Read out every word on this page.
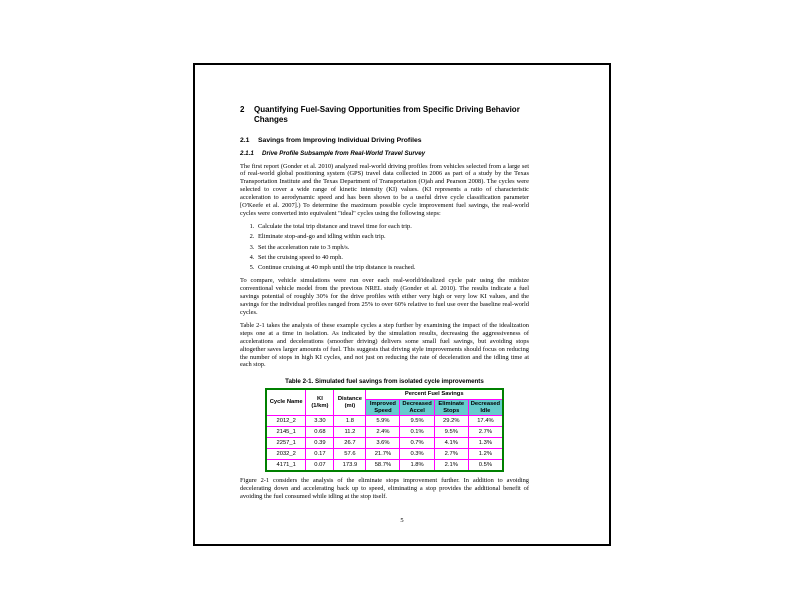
2	Quantifying Fuel-Saving Opportunities from Specific Driving Behavior Changes
2.1	Savings from Improving Individual Driving Profiles
2.1.1	Drive Profile Subsample from Real-World Travel Survey

The first report (Gonder et al. 2010) analyzed real-world driving profiles from vehicles selected from a large set of real-world global positioning system (GPS) travel data collected in 2006 as part of a study by the Texas Transportation Institute and the Texas Department of Transportation (Ojah and Pearson 2008). The cycles were selected to cover a wide range of kinetic intensity (KI) values. (KI represents a ratio of characteristic acceleration to aerodynamic speed and has been shown to be a useful drive cycle classification parameter [O'Keefe et al. 2007].) To determine the maximum possible cycle improvement fuel savings, the real-world cycles were converted into equivalent "ideal" cycles using the following steps:

1. Calculate the total trip distance and travel time for each trip.
2. Eliminate stop-and-go and idling within each trip.
3. Set the acceleration rate to 3 mph/s.
4. Set the cruising speed to 40 mph.
5. Continue cruising at 40 mph until the trip distance is reached.

To compare, vehicle simulations were run over each real-world/idealized cycle pair using the midsize conventional vehicle model from the previous NREL study (Gonder et al. 2010). The results indicate a fuel savings potential of roughly 30% for the drive profiles with either very high or very low KI values, and the savings for the individual profiles ranged from 25% to over 60% relative to fuel use over the baseline real-world cycles.

Table 2-1 takes the analysis of these example cycles a step further by examining the impact of the idealization steps one at a time in isolation. As indicated by the simulation results, decreasing the aggressiveness of accelerations and decelerations (smoother driving) delivers some small fuel savings, but avoiding stops altogether saves larger amounts of fuel. This suggests that driving style improvements should focus on reducing the number of stops in high KI cycles, and not just on reducing the rate of deceleration and the idling time at each stop.

Table 2-1. Simulated fuel savings from isolated cycle improvements
Cycle Name	KI (1/km)	Distance (mi)	Percent Fuel Savings			
			Improved Speed	Decreased Accel	Eliminate Stops	Decreased Idle
2012_2	3.30	1.8	5.9%	9.5%	29.2%	17.4%
2145_1	0.68	11.2	2.4%	0.1%	9.5%	2.7%
2257_1	0.39	26.7	3.6%	0.7%	4.1%	1.3%
2032_2	0.17	57.6	21.7%	0.3%	2.7%	1.2%
4171_1	0.07	173.9	58.7%	1.8%	2.1%	0.5%

Figure 2-1 considers the analysis of the eliminate stops improvement further. In addition to avoiding decelerating down and accelerating back up to speed, eliminating a stop provides the additional benefit of avoiding the fuel consumed while idling at the stop itself.

5
